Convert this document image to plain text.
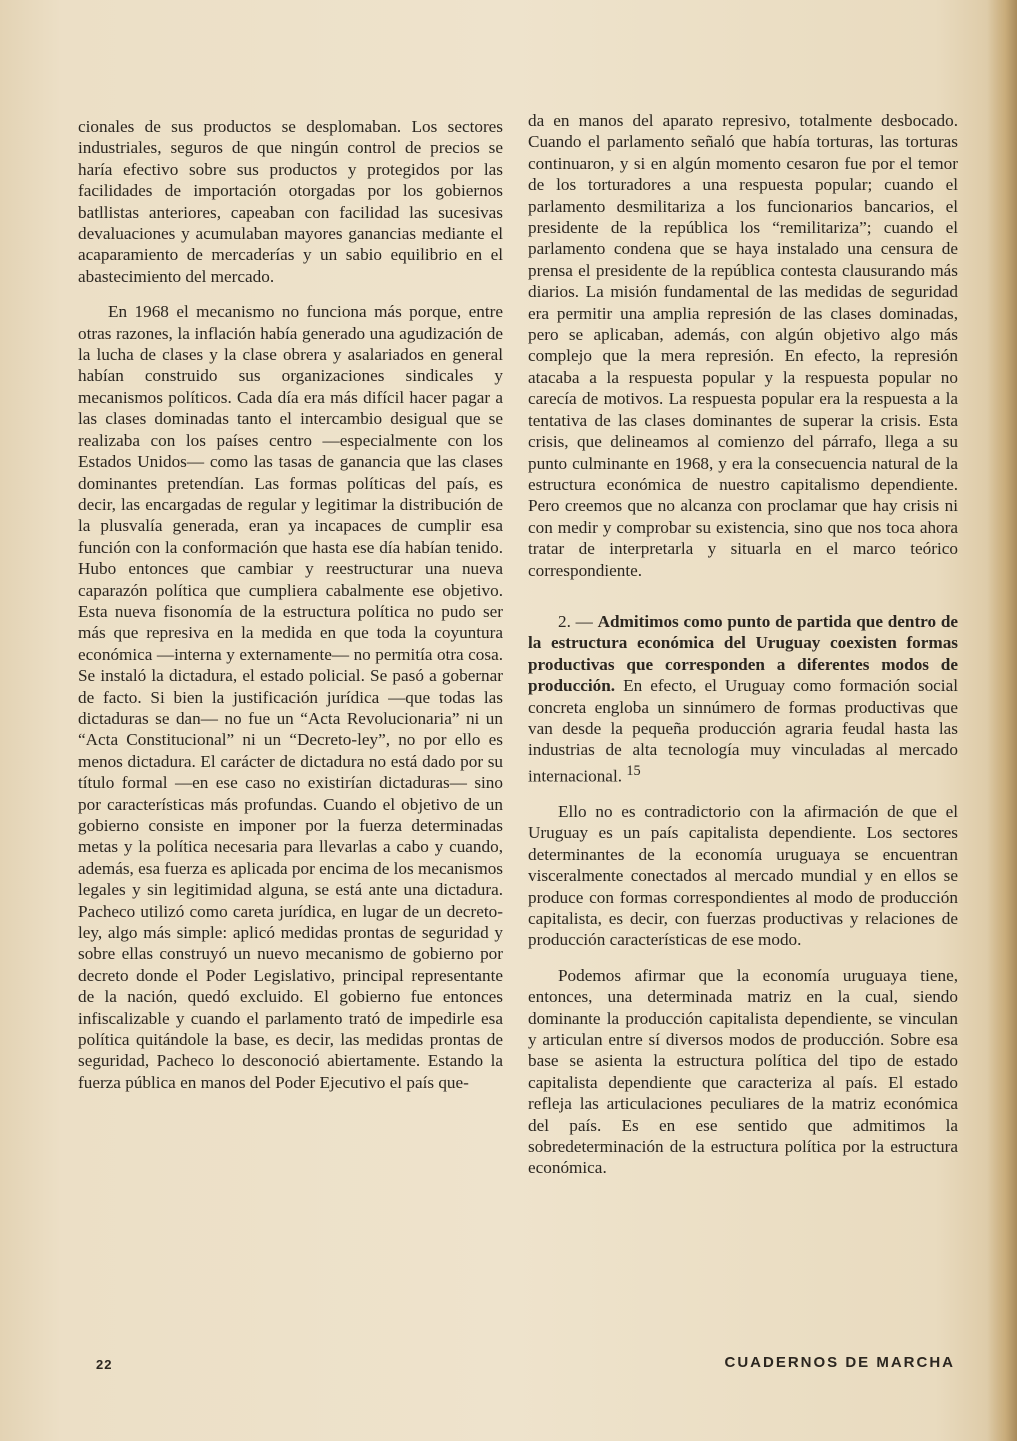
cionales de sus productos se desplomaban. Los sectores industriales, seguros de que ningún control de precios se haría efectivo sobre sus productos y protegidos por las facilidades de importación otorgadas por los gobiernos batllistas anteriores, capeaban con facilidad las sucesivas devaluaciones y acumulaban mayores ganancias mediante el acaparamiento de mercaderías y un sabio equilibrio en el abastecimiento del mercado.

En 1968 el mecanismo no funciona más porque, entre otras razones, la inflación había generado una agudización de la lucha de clases y la clase obrera y asalariados en general habían construido sus organizaciones sindicales y mecanismos políticos. Cada día era más difícil hacer pagar a las clases dominadas tanto el intercambio desigual que se realizaba con los países centro —especialmente con los Estados Unidos— como las tasas de ganancia que las clases dominantes pretendían. Las formas políticas del país, es decir, las encargadas de regular y legitimar la distribución de la plusvalía generada, eran ya incapaces de cumplir esa función con la conformación que hasta ese día habían tenido. Hubo entonces que cambiar y reestructurar una nueva caparazón política que cumpliera cabalmente ese objetivo. Esta nueva fisonomía de la estructura política no pudo ser más que represiva en la medida en que toda la coyuntura económica —interna y externamente— no permitía otra cosa. Se instaló la dictadura, el estado policial. Se pasó a gobernar de facto. Si bien la justificación jurídica —que todas las dictaduras se dan— no fue un “Acta Revolucionaria” ni un “Acta Constitucional” ni un “Decreto-ley”, no por ello es menos dictadura. El carácter de dictadura no está dado por su título formal —en ese caso no existirían dictaduras— sino por características más profundas. Cuando el objetivo de un gobierno consiste en imponer por la fuerza determinadas metas y la política necesaria para llevarlas a cabo y cuando, además, esa fuerza es aplicada por encima de los mecanismos legales y sin legitimidad alguna, se está ante una dictadura. Pacheco utilizó como careta jurídica, en lugar de un decreto-ley, algo más simple: aplicó medidas prontas de seguridad y sobre ellas construyó un nuevo mecanismo de gobierno por decreto donde el Poder Legislativo, principal representante de la nación, quedó excluido. El gobierno fue entonces infiscalizable y cuando el parlamento trató de impedirle esa política quitándole la base, es decir, las medidas prontas de seguridad, Pacheco lo desconoció abiertamente. Estando la fuerza pública en manos del Poder Ejecutivo el país que-

da en manos del aparato represivo, totalmente desbocado. Cuando el parlamento señaló que había torturas, las torturas continuaron, y si en algún momento cesaron fue por el temor de los torturadores a una respuesta popular; cuando el parlamento desmilitariza a los funcionarios bancarios, el presidente de la república los “remilitariza”; cuando el parlamento condena que se haya instalado una censura de prensa el presidente de la república contesta clausurando más diarios. La misión fundamental de las medidas de seguridad era permitir una amplia represión de las clases dominadas, pero se aplicaban, además, con algún objetivo algo más complejo que la mera represión. En efecto, la represión atacaba a la respuesta popular y la respuesta popular no carecía de motivos. La respuesta popular era la respuesta a la tentativa de las clases dominantes de superar la crisis. Esta crisis, que delineamos al comienzo del párrafo, llega a su punto culminante en 1968, y era la consecuencia natural de la estructura económica de nuestro capitalismo dependiente. Pero creemos que no alcanza con proclamar que hay crisis ni con medir y comprobar su existencia, sino que nos toca ahora tratar de interpretarla y situarla en el marco teórico correspondiente.

2. — Admitimos como punto de partida que dentro de la estructura económica del Uruguay coexisten formas productivas que corresponden a diferentes modos de producción. En efecto, el Uruguay como formación social concreta engloba un sinnúmero de formas productivas que van desde la pequeña producción agraria feudal hasta las industrias de alta tecnología muy vinculadas al mercado internacional. $^{15}$

Ello no es contradictorio con la afirmación de que el Uruguay es un país capitalista dependiente. Los sectores determinantes de la economía uruguaya se encuentran visceralmente conectados al mercado mundial y en ellos se produce con formas correspondientes al modo de producción capitalista, es decir, con fuerzas productivas y relaciones de producción características de ese modo.

Podemos afirmar que la economía uruguaya tiene, entonces, una determinada matriz en la cual, siendo dominante la producción capitalista dependiente, se vinculan y articulan entre sí diversos modos de producción. Sobre esa base se asienta la estructura política del tipo de estado capitalista dependiente que caracteriza al país. El estado refleja las articulaciones peculiares de la matriz económica del país. Es en ese sentido que admitimos la sobredeterminación de la estructura política por la estructura económica.

22	CUADERNOS DE MARCHA
